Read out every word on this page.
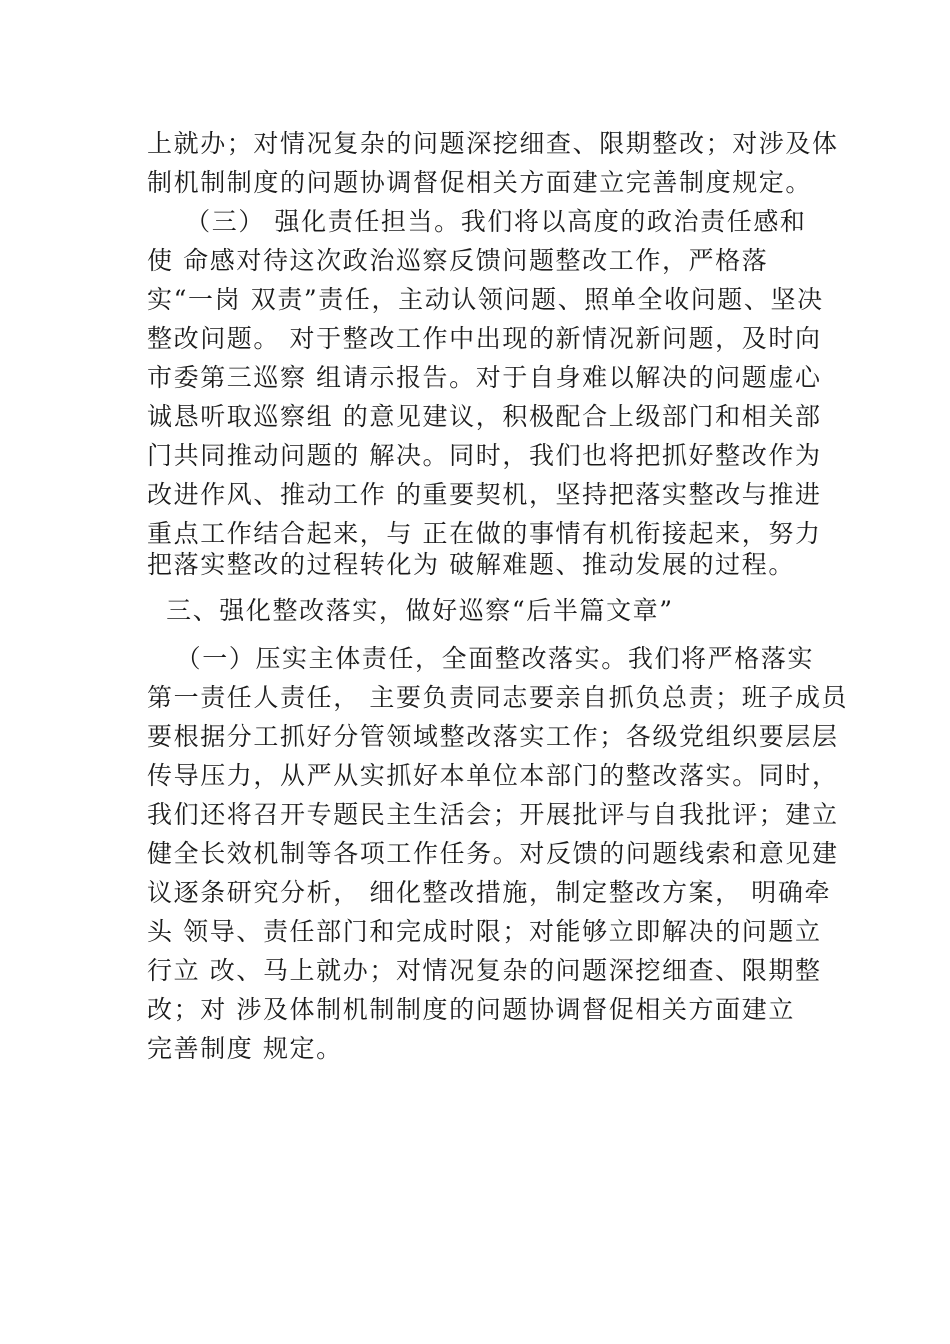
上就办；对情况复杂的问题深挖细查、限期整改；对涉及体
制机制制度的问题协调督促相关方面建立完善制度规定。
（三） 强化责任担当。我们将以高度的政治责任感和
使 命感对待这次政治巡察反馈问题整改工作，严格落
实“一岗 双责”责任，主动认领问题、照单全收问题、坚决
整改问题。 对于整改工作中出现的新情况新问题，及时向
市委第三巡察 组请示报告。对于自身难以解决的问题虚心
诚恳听取巡察组 的意见建议，积极配合上级部门和相关部
门共同推动问题的 解决。同时，我们也将把抓好整改作为
改进作风、推动工作 的重要契机，坚持把落实整改与推进
重点工作结合起来，与 正在做的事情有机衔接起来，努力
把落实整改的过程转化为 破解难题、推动发展的过程。
三、强化整改落实，做好巡察“后半篇文章”
（一）压实主体责任，全面整改落实。我们将严格落实
第一责任人责任， 主要负责同志要亲自抓负总责；班子成员
要根据分工抓好分管领域整改落实工作；各级党组织要层层
传导压力，从严从实抓好本单位本部门的整改落实。同时，
我们还将召开专题民主生活会；开展批评与自我批评；建立
健全长效机制等各项工作任务。对反馈的问题线索和意见建
议逐条研究分析， 细化整改措施，制定整改方案， 明确牵
头 领导、责任部门和完成时限；对能够立即解决的问题立
行立 改、马上就办；对情况复杂的问题深挖细查、限期整
改；对 涉及体制机制制度的问题协调督促相关方面建立
完善制度 规定。
